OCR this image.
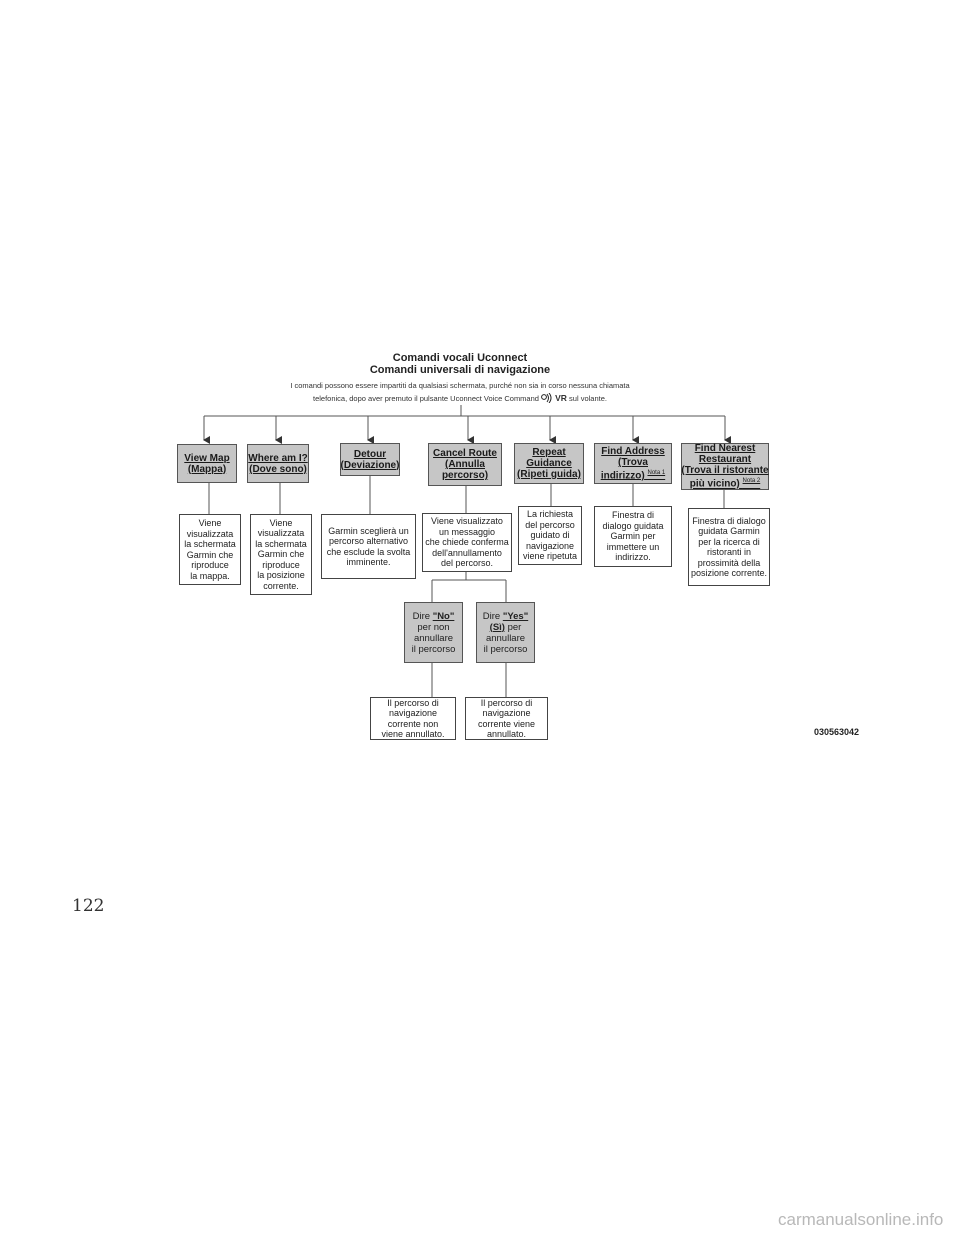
Comandi vocali Uconnect
Comandi universali di navigazione
I comandi possono essere impartiti da qualsiasi schermata, purché non sia in corso nessuna chiamata
telefonica, dopo aver premuto il pulsante Uconnect Voice Command VR sul volante.
View Map
(Mappa)
Where am I?
(Dove sono)
Detour
(Deviazione)
Cancel Route
(Annulla
percorso)
Repeat
Guidance
(Ripeti guida)
Find Address
(Trova
indirizzo) $^{Nota 1}$
Find Nearest
Restaurant
(Trova il ristorante
più vicino) $^{Nota 2}$
Viene
visualizzata
la schermata
Garmin che
riproduce
la mappa.
Viene
visualizzata
la schermata
Garmin che
riproduce
la posizione
corrente.
Garmin sceglierà un
percorso alternativo
che esclude la svolta
imminente.
Viene visualizzato
un messaggio
che chiede conferma
dell'annullamento
del percorso.
La richiesta
del percorso
guidato di
navigazione
viene ripetuta
Finestra di
dialogo guidata
Garmin per
immettere un
indirizzo.
Finestra di dialogo
guidata Garmin
per la ricerca di
ristoranti in
prossimità della
posizione corrente.
Dire "No"
per non
annullare
il percorso
Dire "Yes"
(Sì) per
annullare
il percorso
Il percorso di
navigazione
corrente non
viene annullato.
Il percorso di
navigazione
corrente viene
annullato.	030563042
122
carmanualsonline.info
